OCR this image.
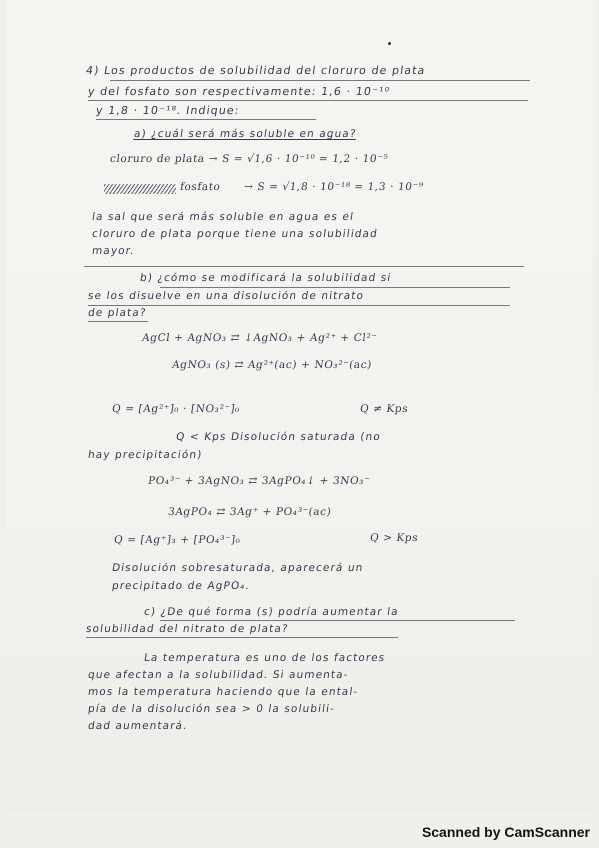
4) Los productos de solubilidad del cloruro de plata
y del fosfato son respectivamente: 1,6 · 10⁻¹⁰
y 1,8 · 10⁻¹⁸. Indique:
a) ¿cuál será más soluble en agua?
cloruro de plata → S = √1,6 · 10⁻¹⁰ = 1,2 · 10⁻⁵
fosfato → S = √1,8 · 10⁻¹⁸ = 1,3 · 10⁻⁹
la sal que será más soluble en agua es el
cloruro de plata porque tiene una solubilidad
mayor.
b) ¿cómo se modificará la solubilidad si
se los disuelve en una disolución de nitrato
de plata?
AgCl + AgNO₃ ⇄ ↓AgNO₃ + Ag²⁺ + Cl²⁻
AgNO₃ (s) ⇄ Ag²⁺(ac) + NO₃²⁻(ac)
Q = [Ag²⁺]₀ · [NO₃²⁻]₀	Q ≠ Kps
Q < Kps Disolución saturada (no
hay precipitación)
PO₄³⁻ + 3AgNO₃ ⇄ 3AgPO₄↓ + 3NO₃⁻
3AgPO₄ ⇄ 3Ag⁺ + PO₄³⁻(ac)
Q = [Ag⁺]₃ + [PO₄³⁻]₀	Q > Kps
Disolución sobresaturada, aparecerá un
precipitado de AgPO₄.
c) ¿De qué forma (s) podría aumentar la
solubilidad del nitrato de plata?
La temperatura es uno de los factores
que afectan a la solubilidad. Si aumenta-
mos la temperatura haciendo que la ental-
pía de la disolución sea > 0 la solubili-
dad aumentará.
Scanned by CamScanner
